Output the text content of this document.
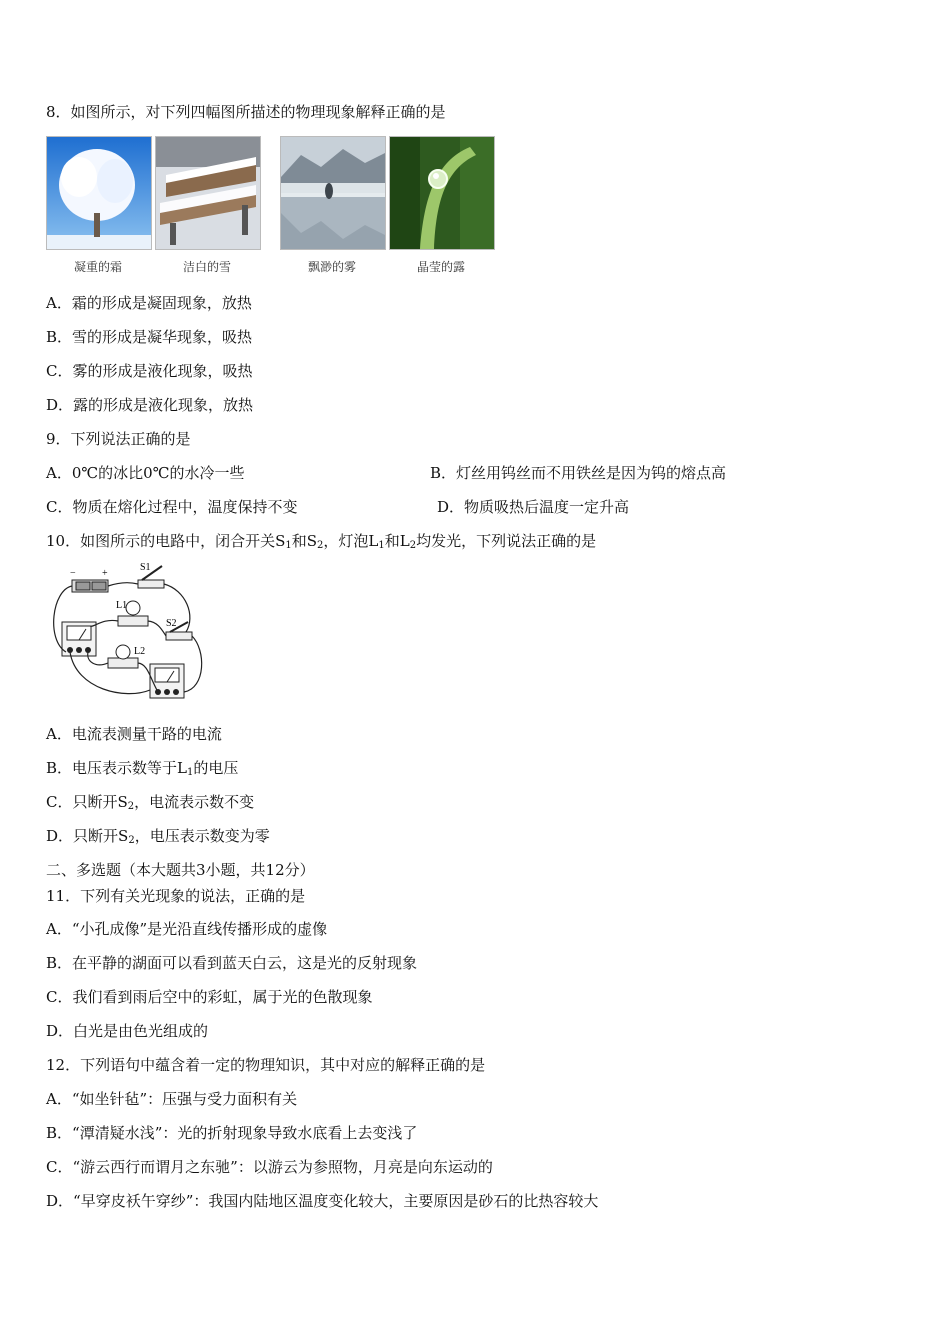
8．如图所示，对下列四幅图所描述的物理现象解释正确的是
凝重的霜	洁白的雪	飘渺的雾	晶莹的露
A．霜的形成是凝固现象，放热
B．雪的形成是凝华现象，吸热
C．雾的形成是液化现象，吸热
D．露的形成是液化现象，放热
9．下列说法正确的是
A．0℃的冰比0℃的水冷一些	B．灯丝用钨丝而不用铁丝是因为钨的熔点高
C．物质在熔化过程中，温度保持不变	D．物质吸热后温度一定升高
10．如图所示的电路中，闭合开关$S_1$和$S_2$，灯泡$L_1$和$L_2$均发光，下列说法正确的是
−	+
S1
L1
S2
L2
A．电流表测量干路的电流
B．电压表示数等于$L_1$的电压
C．只断开$S_2$，电流表示数不变
D．只断开$S_2$，电压表示数变为零
二、多选题（本大题共3小题，共12分）
11．下列有关光现象的说法，正确的是
A．“小孔成像”是光沿直线传播形成的虚像
B．在平静的湖面可以看到蓝天白云，这是光的反射现象
C．我们看到雨后空中的彩虹，属于光的色散现象
D．白光是由色光组成的
12．下列语句中蕴含着一定的物理知识，其中对应的解释正确的是
A．“如坐针毡”：压强与受力面积有关
B．“潭清疑水浅”：光的折射现象导致水底看上去变浅了
C．“游云西行而谓月之东驰”：以游云为参照物，月亮是向东运动的
D．“早穿皮袄午穿纱”：我国内陆地区温度变化较大，主要原因是砂石的比热容较大
